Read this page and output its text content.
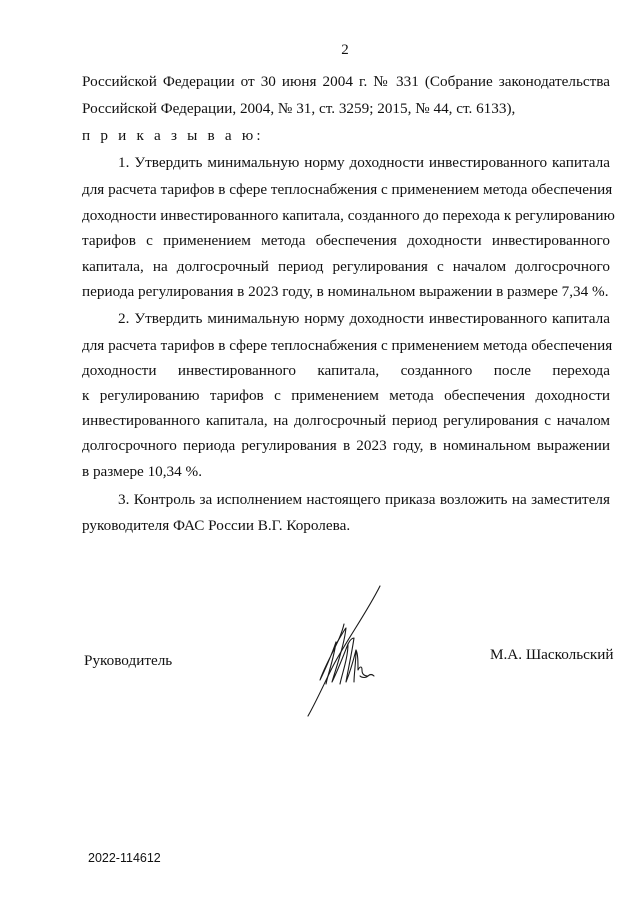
2
Российской Федерации от 30 июня 2004 г. № 331 (Собрание законодательства
Российской Федерации, 2004, № 31, ст. 3259; 2015, № 44, ст. 6133),
п р и к а з ы в а ю:
1. Утвердить минимальную норму доходности инвестированного капитала
для расчета тарифов в сфере теплоснабжения с применением метода обеспечения
доходности инвестированного капитала, созданного до перехода к регулированию
тарифов с применением метода обеспечения доходности инвестированного
капитала, на долгосрочный период регулирования с началом долгосрочного
периода регулирования в 2023 году, в номинальном выражении в размере 7,34 %.
2. Утвердить минимальную норму доходности инвестированного капитала
для расчета тарифов в сфере теплоснабжения с применением метода обеспечения
доходности инвестированного капитала, созданного после перехода
к регулированию тарифов с применением метода обеспечения доходности
инвестированного капитала, на долгосрочный период регулирования с началом
долгосрочного периода регулирования в 2023 году, в номинальном выражении
в размере 10,34 %.
3. Контроль за исполнением настоящего приказа возложить на заместителя
руководителя ФАС России В.Г. Королева.
Руководитель	М.А. Шаскольский
2022-114612
